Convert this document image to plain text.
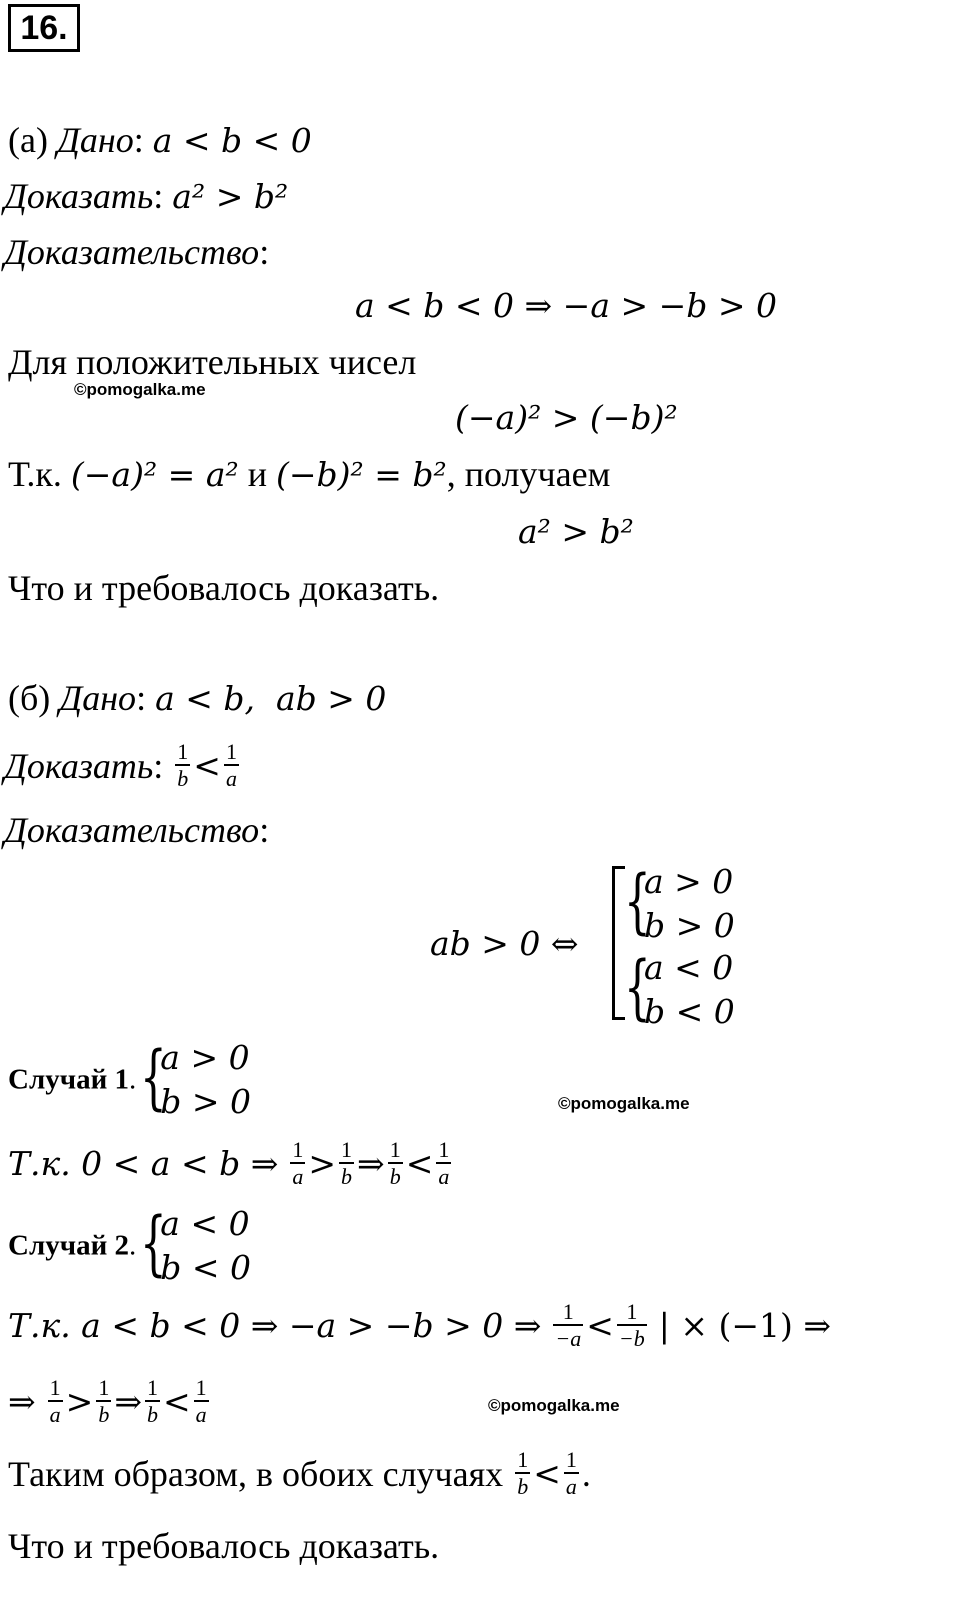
16.
(а) Дано: a < b < 0
Доказать: a² > b²
Доказательство:
a < b < 0 ⇒ −a > −b > 0
Для положительных чисел
©pomogalka.me
(−a)² > (−b)²
Т.к. (−a)² = a² и (−b)² = b², получаем
a² > b²
Что и требовалось доказать.
(б) Дано: a < b,  ab > 0
Доказать: $\frac{1}{b} < \frac{1}{a}$
Доказательство:
ab > 0 ⇔
{
a > 0
b > 0
{
a < 0
b < 0
Случай 1. {
a > 0
b > 0	©pomogalka.me
Т.к. 0 < a < b ⇒ $\frac{1}{a} > \frac{1}{b}$ ⇒ $\frac{1}{b} < \frac{1}{a}$
Случай 2. {
a < 0
b < 0
Т.к. a < b < 0 ⇒ −a > −b > 0 ⇒ $\frac{1}{-a} < \frac{1}{-b}$ | × (−1) ⇒
⇒ $\frac{1}{a} > \frac{1}{b}$ ⇒ $\frac{1}{b} < \frac{1}{a}$	©pomogalka.me
Таким образом, в обоих случаях $\frac{1}{b} < \frac{1}{a}$ .
Что и требовалось доказать.
